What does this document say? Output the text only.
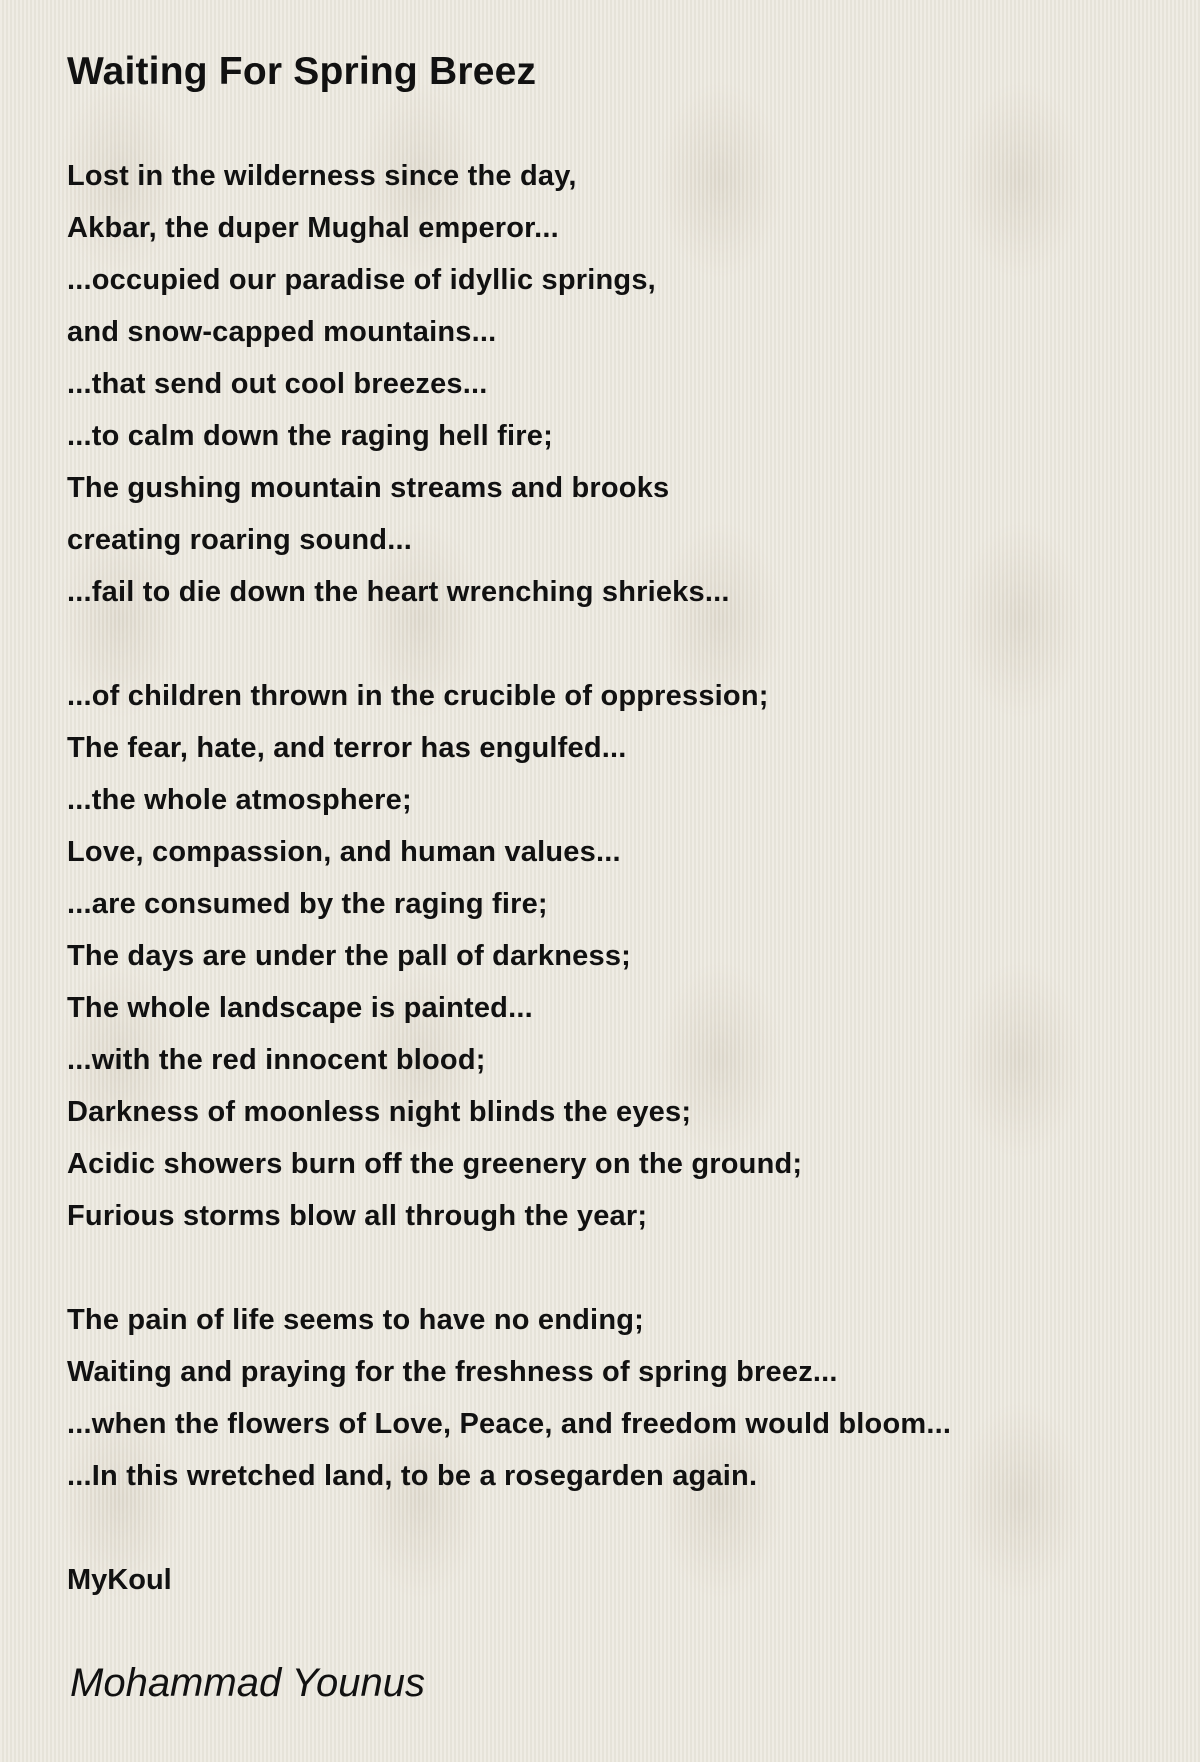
Waiting For Spring Breez
Lost in the wilderness since the day,
Akbar, the duper Mughal emperor...
...occupied our paradise of idyllic springs,
and snow-capped mountains...
...that send out cool breezes...
...to calm down the raging hell fire;
The gushing mountain streams and brooks
creating roaring sound...
...fail to die down the heart wrenching shrieks...
...of children thrown in the crucible of oppression;
The fear, hate, and terror has engulfed...
...the whole atmosphere;
Love, compassion, and human values...
...are consumed by the raging fire;
The days are under the pall of darkness;
The whole landscape is painted...
...with the red innocent blood;
Darkness of moonless night blinds the eyes;
Acidic showers burn off the greenery on the ground;
Furious storms blow all through the year;
The pain of life seems to have no ending;
Waiting and praying for the freshness of spring breez...
...when the flowers of Love, Peace, and freedom would bloom...
...In this wretched land, to be a rosegarden again.
MyKoul
Mohammad Younus
